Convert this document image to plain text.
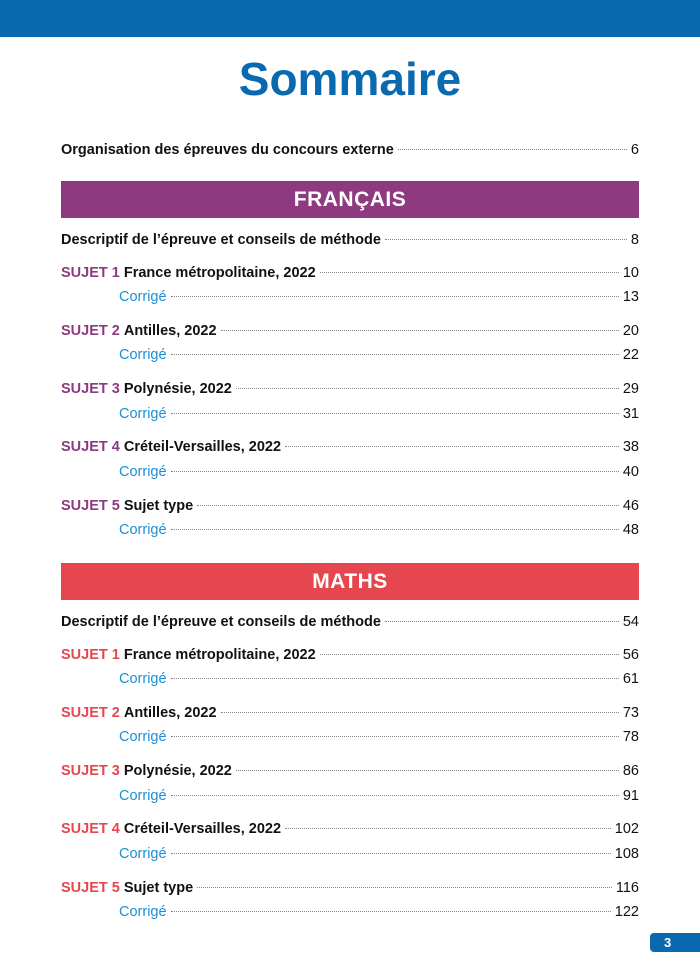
Sommaire
Organisation des épreuves du concours externe	6
FRANÇAIS
Descriptif de l’épreuve et conseils de méthode	8
SUJET 1 France métropolitaine, 2022	10
Corrigé	13
SUJET 2 Antilles, 2022	20
Corrigé	22
SUJET 3 Polynésie, 2022	29
Corrigé	31
SUJET 4 Créteil-Versailles, 2022	38
Corrigé	40
SUJET 5 Sujet type	46
Corrigé	48
MATHS
Descriptif de l’épreuve et conseils de méthode	54
SUJET 1 France métropolitaine, 2022	56
Corrigé	61
SUJET 2 Antilles, 2022	73
Corrigé	78
SUJET 3 Polynésie, 2022	86
Corrigé	91
SUJET 4 Créteil-Versailles, 2022	102
Corrigé	108
SUJET 5 Sujet type	116
Corrigé	122
3
